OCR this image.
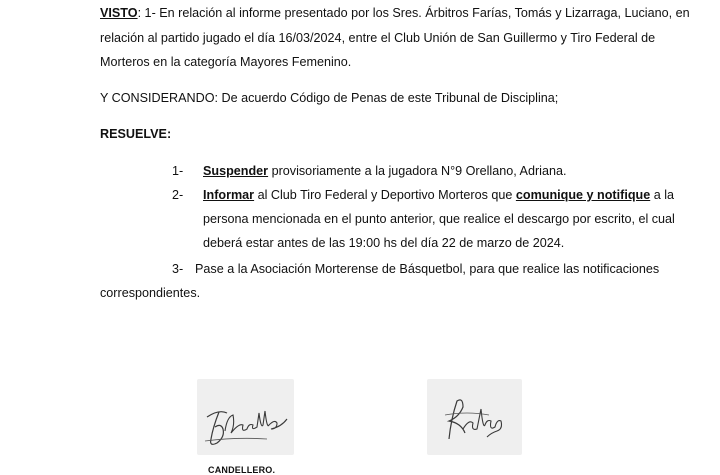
VISTO: 1- En relación al informe presentado por los Sres. Árbitros Farías, Tomás y Lizarraga, Luciano, en
relación al partido jugado el día 16/03/2024, entre el Club Unión de San Guillermo y Tiro Federal de
Morteros en la categoría Mayores Femenino.
Y CONSIDERANDO: De acuerdo Código de Penas de este Tribunal de Disciplina;
RESUELVE:
1- Suspender provisoriamente a la jugadora N°9 Orellano, Adriana.
2- Informar al Club Tiro Federal y Deportivo Morteros que comunique y notifique a la
persona mencionada en el punto anterior, que realice el descargo por escrito, el cual
deberá estar antes de las 19:00 hs del día 22 de marzo de 2024.
3- Pase a la Asociación Morterense de Básquetbol, para que realice las notificaciones
correspondientes.
CANDELLERO.
